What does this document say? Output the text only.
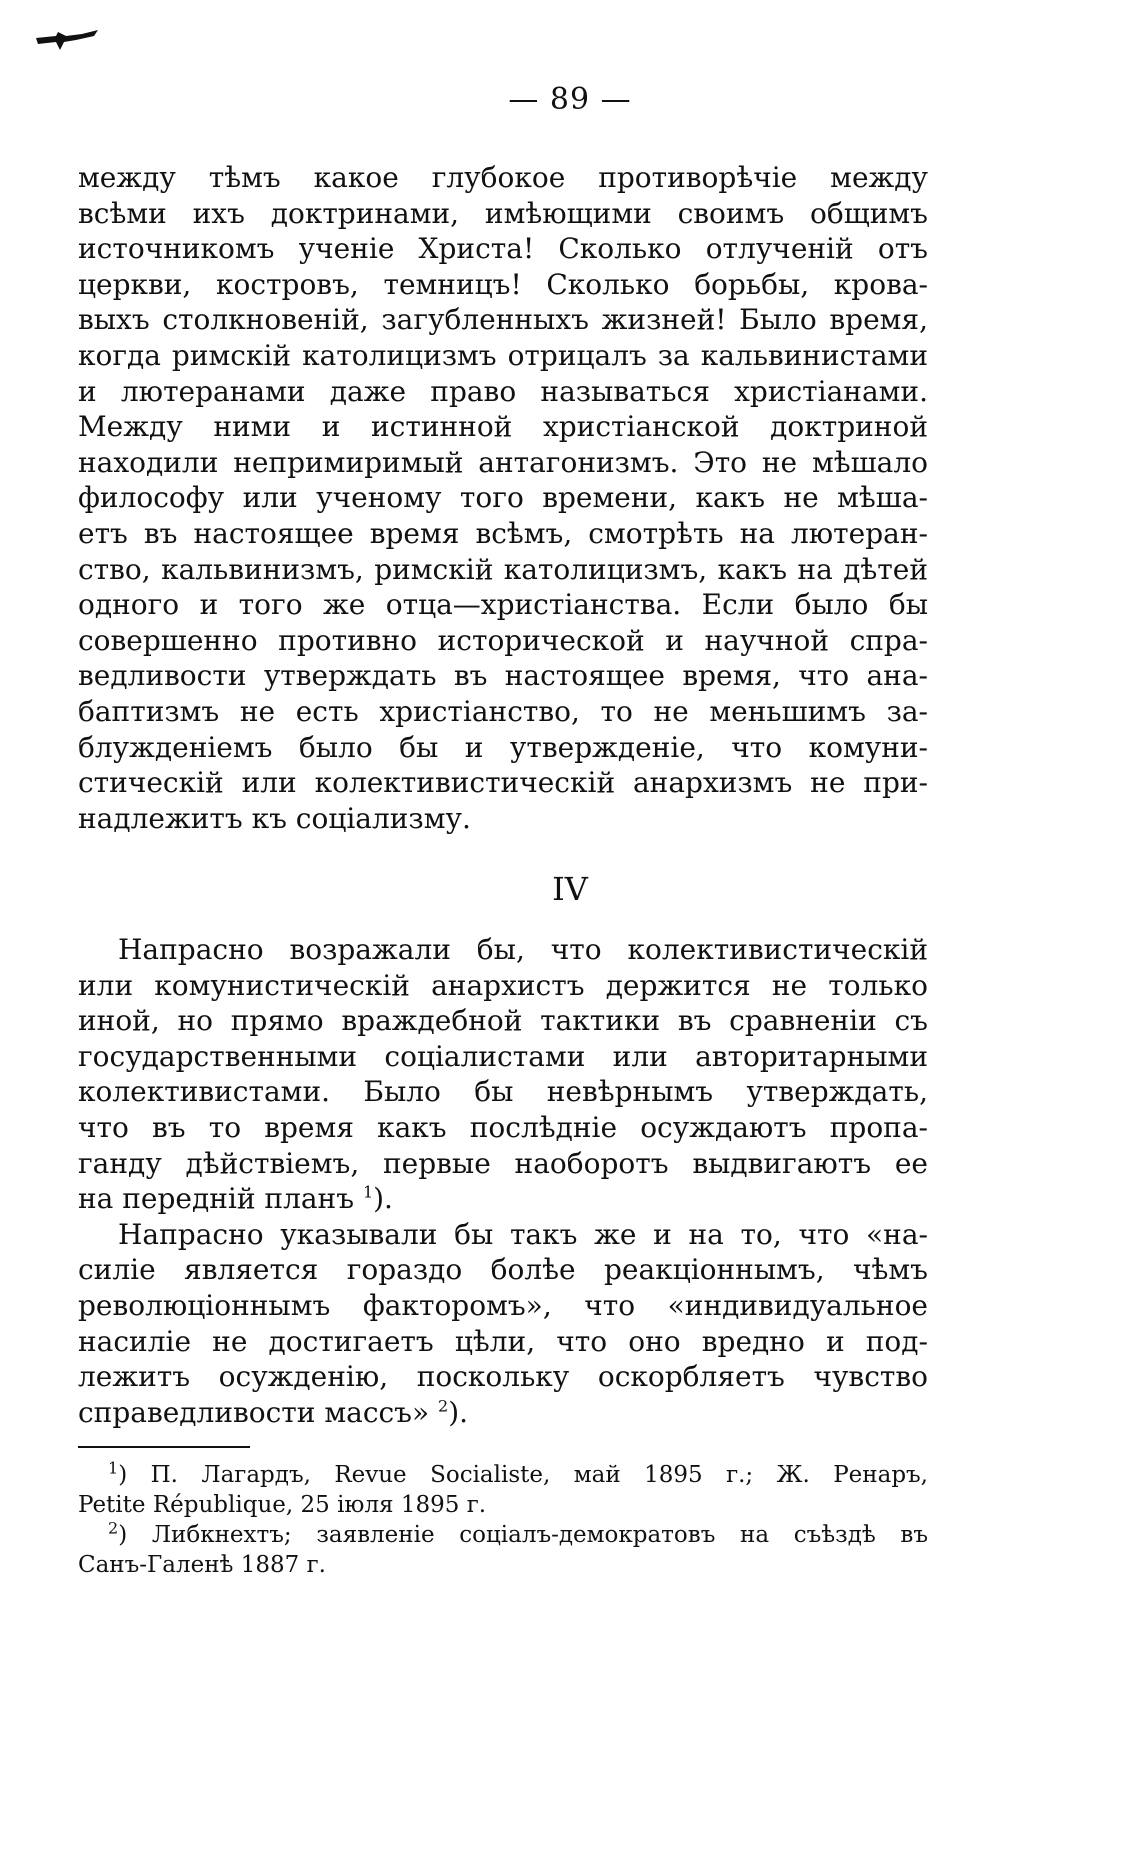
— 89 —
между тѣмъ какое глубокое противорѣчіе между
всѣми ихъ доктринами, имѣющими своимъ общимъ
источникомъ ученіе Христа! Сколько отлученій отъ
церкви, костровъ, темницъ! Сколько борьбы, крова-
выхъ столкновеній, загубленныхъ жизней! Было время,
когда римскій католицизмъ отрицалъ за кальвинистами
и лютеранами даже право называться христіанами.
Между ними и истинной христіанской доктриной
находили непримиримый антагонизмъ. Это не мѣшало
философу или ученому того времени, какъ не мѣша-
етъ въ настоящее время всѣмъ, смотрѣть на лютеран-
ство, кальвинизмъ, римскій католицизмъ, какъ на дѣтей
одного и того же отца—христіанства. Если было бы
совершенно противно исторической и научной спра-
ведливости утверждать въ настоящее время, что ана-
баптизмъ не есть христіанство, то не меньшимъ за-
блужденіемъ было бы и утвержденіе, что комуни-
стическій или колективистическій анархизмъ не при-
надлежитъ къ соціализму.
IV
Напрасно возражали бы, что колективистическій
или комунистическій анархистъ держится не только
иной, но прямо враждебной тактики въ сравненіи съ
государственными соціалистами или авторитарными
колективистами. Было бы невѣрнымъ утверждать,
что въ то время какъ послѣдніе осуждаютъ пропа-
ганду дѣйствіемъ, первые наоборотъ выдвигаютъ ее
на передній планъ $^1$).
Напрасно указывали бы такъ же и на то, что «на-
силіе является гораздо болѣе реакціоннымъ, чѣмъ
революціоннымъ факторомъ», что «индивидуальное
насиліе не достигаетъ цѣли, что оно вредно и под-
лежитъ осужденію, поскольку оскорбляетъ чувство
справедливости массъ» $^2$).
$^1$) П. Лагардъ, Revue Socialiste, май 1895 г.; Ж. Ренаръ,
Petite République, 25 іюля 1895 г.
$^2$) Либкнехтъ; заявленіе соціалъ-демократовъ на съѣздѣ въ
Санъ-Галенѣ 1887 г.
